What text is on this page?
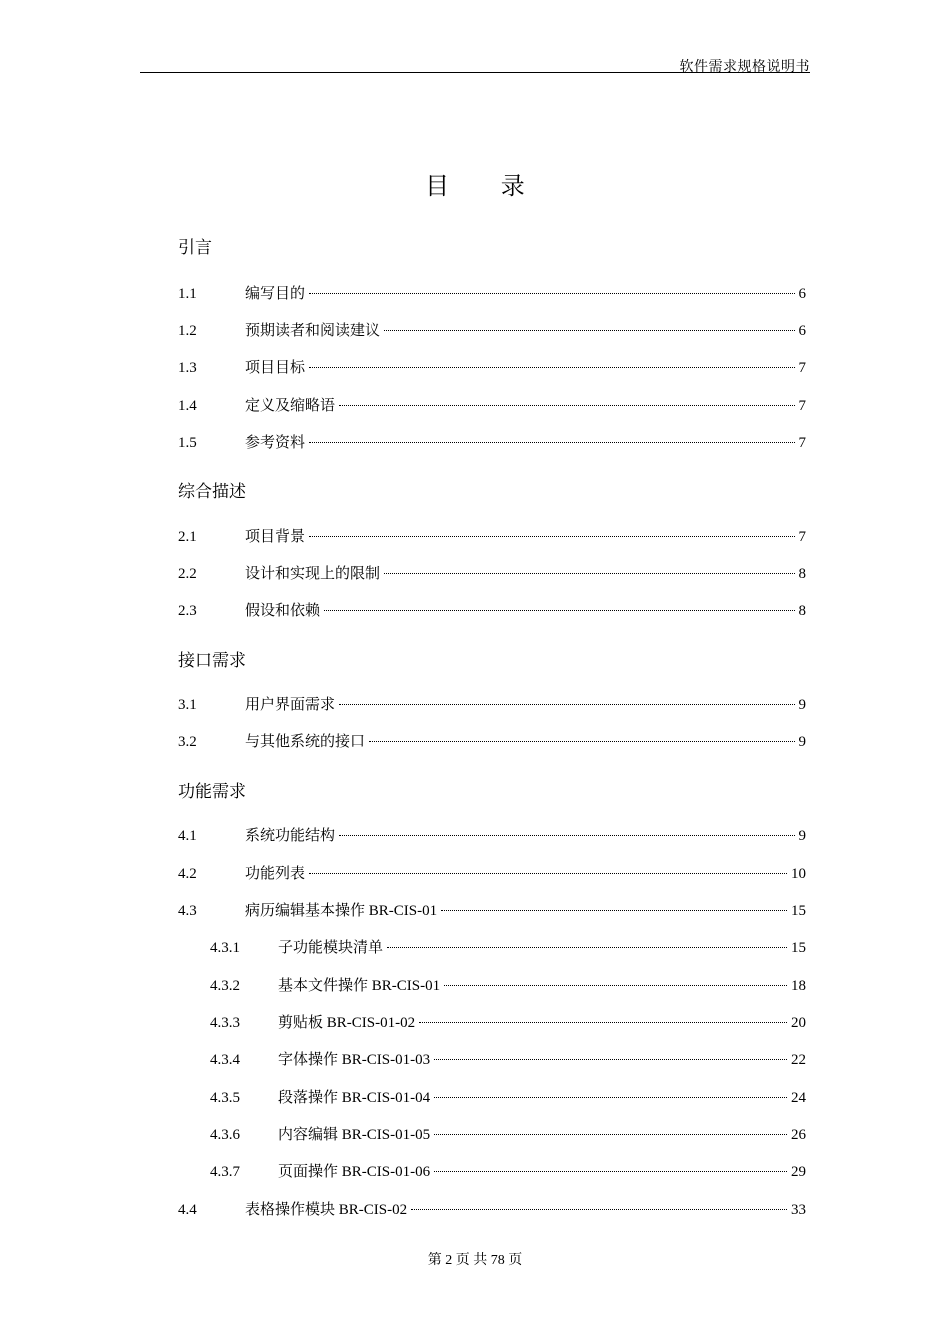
软件需求规格说明书
目 录
引言
1.1	编写目的	6
1.2	预期读者和阅读建议	6
1.3	项目目标	7
1.4	定义及缩略语	7
1.5	参考资料	7
综合描述
2.1	项目背景	7
2.2	设计和实现上的限制	8
2.3	假设和依赖	8
接口需求
3.1	用户界面需求	9
3.2	与其他系统的接口	9
功能需求
4.1	系统功能结构	9
4.2	功能列表	10
4.3	病历编辑基本操作 BR-CIS-01	15
4.3.1	子功能模块清单	15
4.3.2	基本文件操作 BR-CIS-01	18
4.3.3	剪贴板 BR-CIS-01-02	20
4.3.4	字体操作 BR-CIS-01-03	22
4.3.5	段落操作 BR-CIS-01-04	24
4.3.6	内容编辑 BR-CIS-01-05	26
4.3.7	页面操作 BR-CIS-01-06	29
4.4	表格操作模块 BR-CIS-02	33
第 2 页 共 78 页
